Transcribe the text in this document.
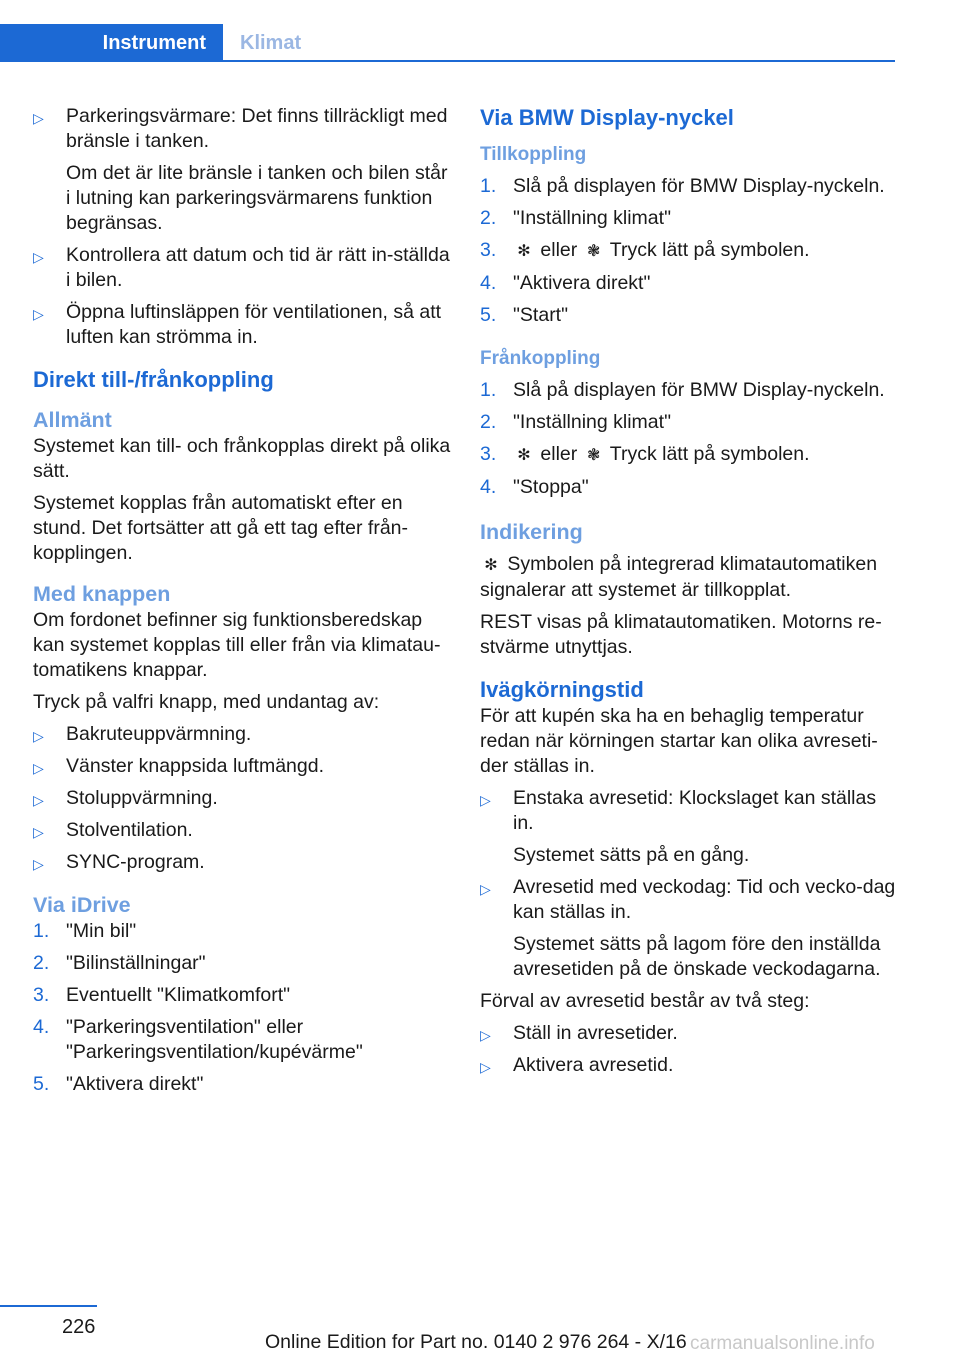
Instrument Klimat
▷ Parkeringsvärmare: Det finns tillräckligt med bränsle i tanken.
Om det är lite bränsle i tanken och bilen står i lutning kan parkeringsvärmarens funktion begränsas.
▷ Kontrollera att datum och tid är rätt in-ställda i bilen.
▷ Öppna luftinsläppen för ventilationen, så att luften kan strömma in.
Direkt till-/frånkoppling
Allmänt

Systemet kan till- och frånkopplas direkt på olika sätt.

Systemet kopplas från automatiskt efter en stund. Det fortsätter att gå ett tag efter från-kopplingen.

Med knappen

Om fordonet befinner sig funktionsberedskap kan systemet kopplas till eller från via klimatau-tomatikens knappar.

Tryck på valfri knapp, med undantag av:

▷ Bakruteuppvärmning.
▷ Vänster knappsida luftmängd.
▷ Stoluppvärmning.
▷ Stolventilation.
▷ SYNC-program.
Via iDrive
1. "Min bil"
2. "Bilinställningar"
3. Eventuellt "Klimatkomfort"
4. "Parkeringsventilation" eller "Parkeringsventilation/kupévärme"
5. "Aktivera direkt"
Via BMW Display-nyckel
Tillkoppling
1. Slå på displayen för BMW Display-nyckeln.
2. "Inställning klimat"
3. ✻ eller ❃ Tryck lätt på symbolen.
4. "Aktivera direkt"
5. "Start"
Frånkoppling
1. Slå på displayen för BMW Display-nyckeln.
2. "Inställning klimat"
3. ✻ eller ❃ Tryck lätt på symbolen.
4. "Stoppa"
Indikering

✻ Symbolen på integrerad klimatautomatiken signalerar att systemet är tillkopplat.

REST visas på klimatautomatiken. Motorns re-stvärme utnyttjas.

Ivägkörningstid

För att kupén ska ha en behaglig temperatur redan när körningen startar kan olika avreseti-der ställas in.

▷ Enstaka avresetid: Klockslaget kan ställas in.
Systemet sätts på en gång.
▷ Avresetid med veckodag: Tid och vecko-dag kan ställas in.
Systemet sätts på lagom före den inställda avresetiden på de önskade veckodagarna.

Förval av avresetid består av två steg:

▷ Ställ in avresetider.
▷ Aktivera avresetid.
226
Online Edition for Part no. 0140 2 976 264 - X/16 carmanualsonline.info
